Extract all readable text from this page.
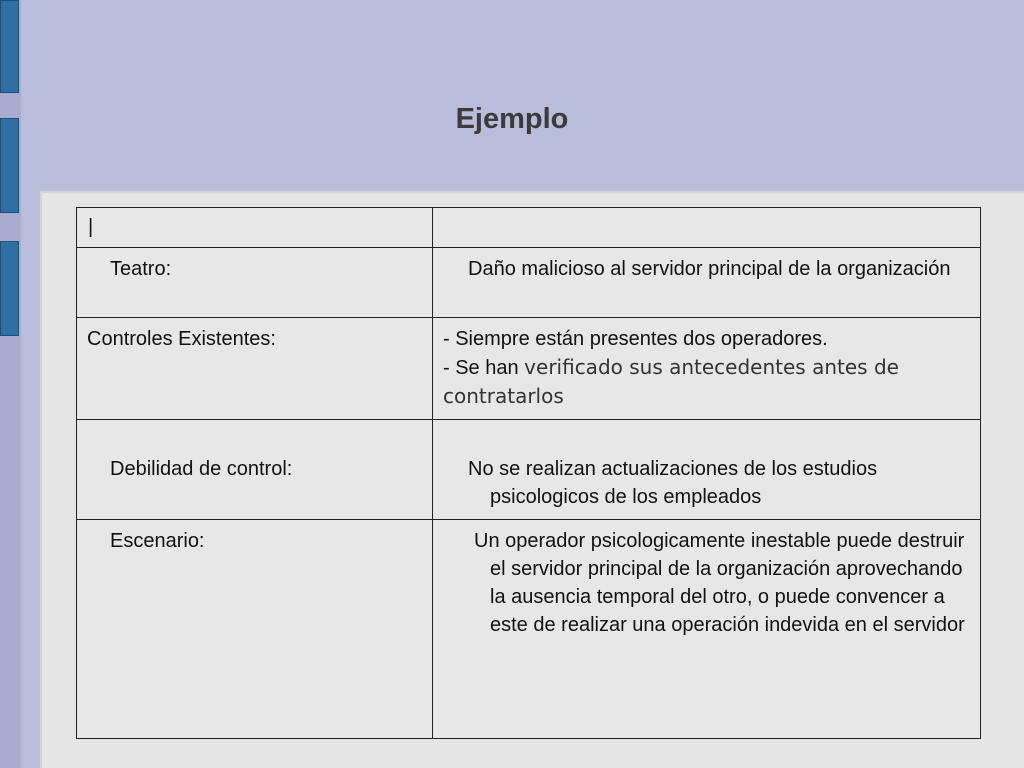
Ejemplo
|	

Teatro:	Daño malicioso al servidor principal de la organización

Controles Existentes:	- Siempre están presentes dos operadores.
- Se han verificado sus antecedentes antes de contratarlos

Debilidad de control:	No se realizan actualizaciones de los estudios psicologicos de los empleados

Escenario:	Un operador psicologicamente inestable puede destruir el servidor principal de la organización aprovechando la ausencia temporal del otro, o puede convencer a este de realizar una operación indevida en el servidor
